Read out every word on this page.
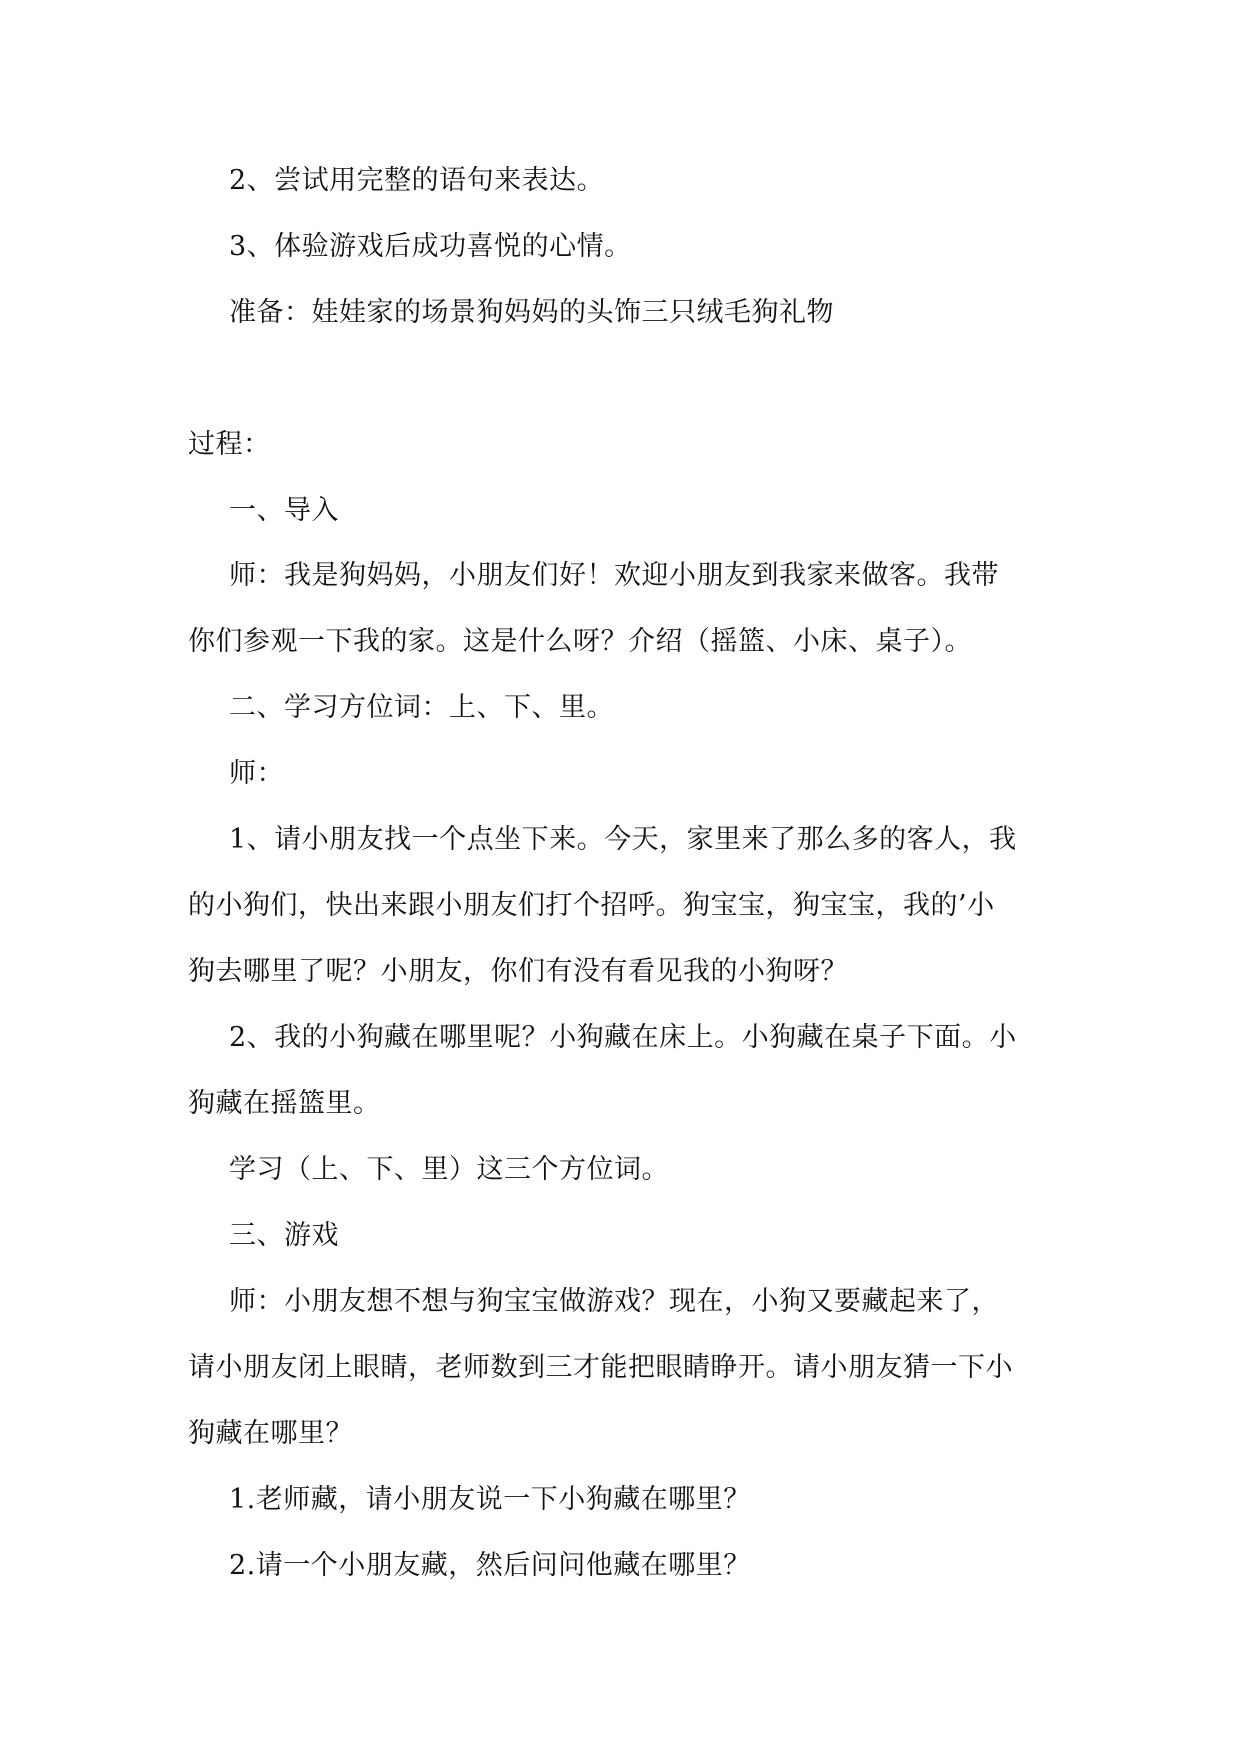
2、尝试用完整的语句来表达。
3、体验游戏后成功喜悦的心情。
准备：娃娃家的场景狗妈妈的头饰三只绒毛狗礼物
过程：
一、导入
师：我是狗妈妈，小朋友们好！欢迎小朋友到我家来做客。我带
你们参观一下我的家。这是什么呀？介绍（摇篮、小床、桌子）。
二、学习方位词：上、下、里。
师：
1、请小朋友找一个点坐下来。今天，家里来了那么多的客人，我
的小狗们，快出来跟小朋友们打个招呼。狗宝宝，狗宝宝，我的’小
狗去哪里了呢？小朋友，你们有没有看见我的小狗呀？
2、我的小狗藏在哪里呢？小狗藏在床上。小狗藏在桌子下面。小
狗藏在摇篮里。
学习（上、下、里）这三个方位词。
三、游戏
师：小朋友想不想与狗宝宝做游戏？现在，小狗又要藏起来了，
请小朋友闭上眼睛，老师数到三才能把眼睛睁开。请小朋友猜一下小
狗藏在哪里？
1.老师藏，请小朋友说一下小狗藏在哪里？
2.请一个小朋友藏，然后问问他藏在哪里？
